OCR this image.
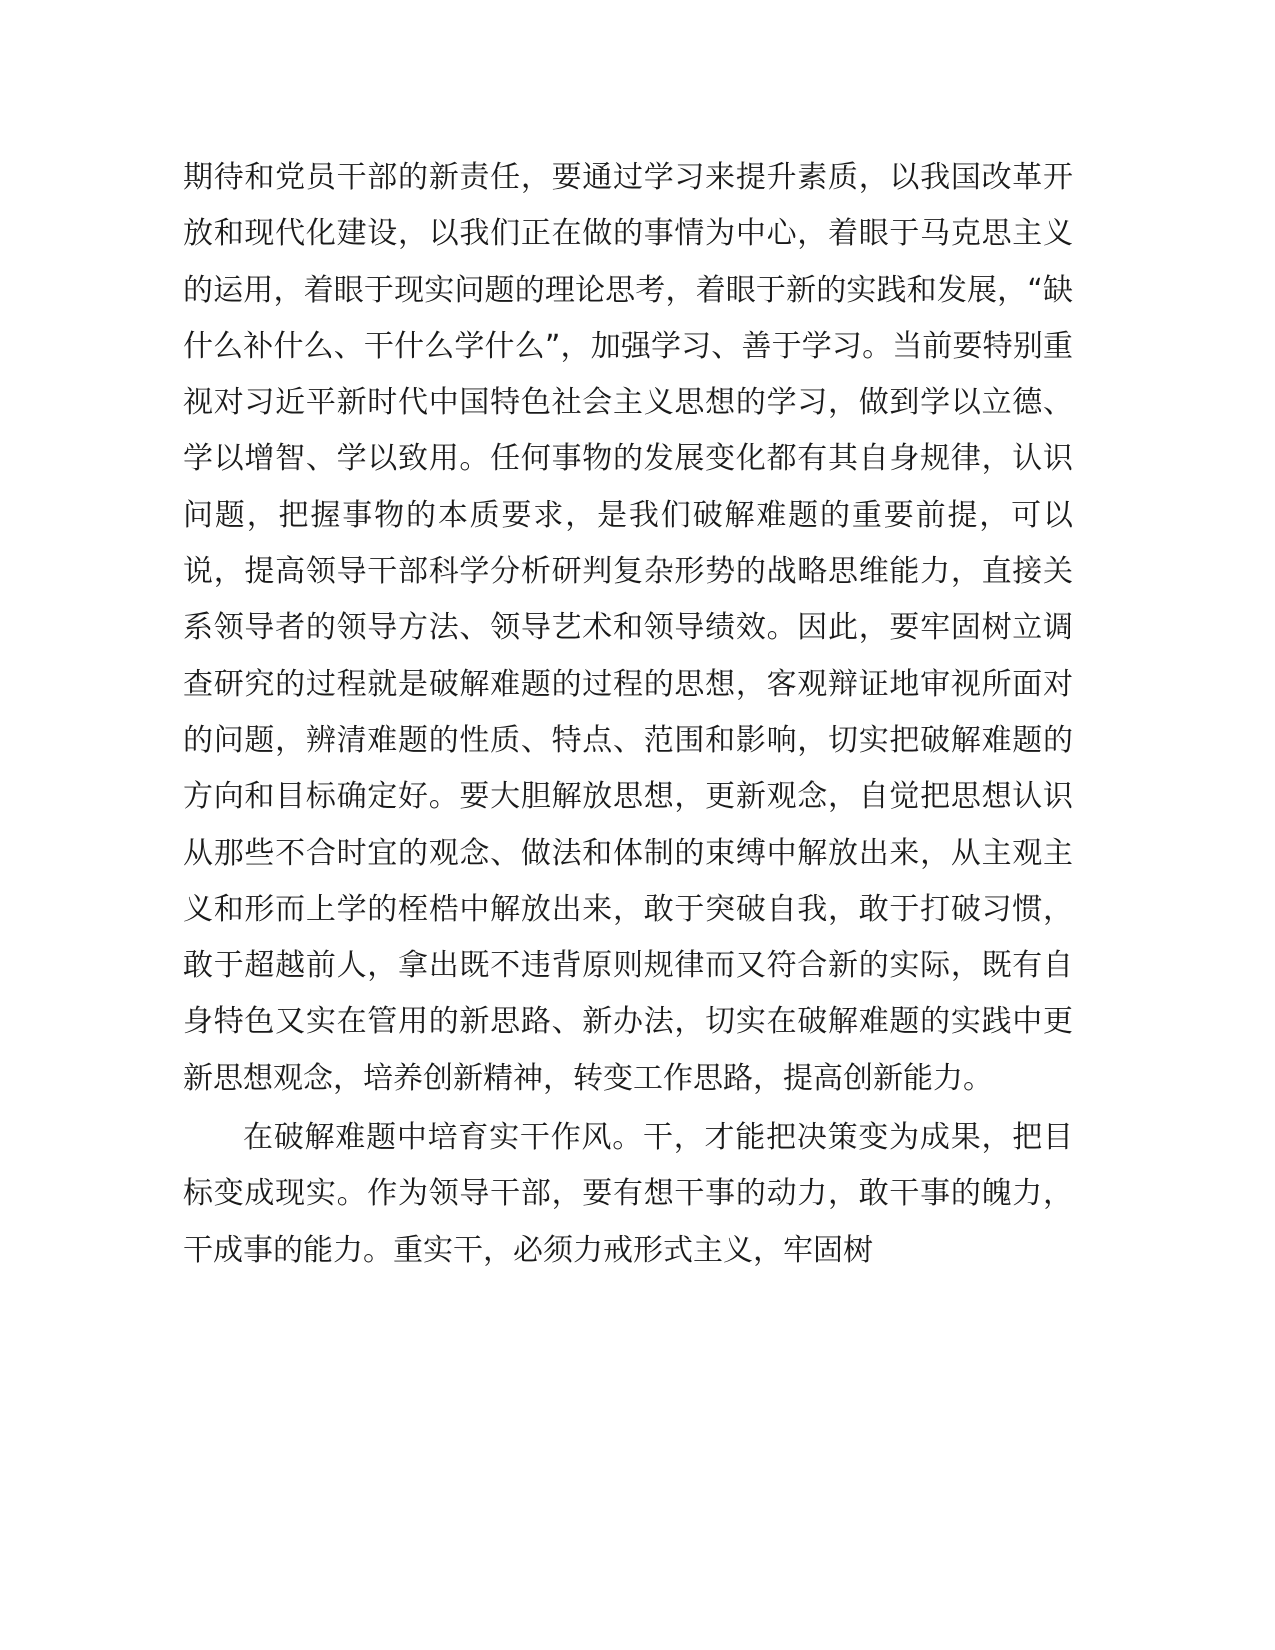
期待和党员干部的新责任，要通过学习来提升素质，以我国改革开放和现代化建设，以我们正在做的事情为中心，着眼于马克思主义的运用，着眼于现实问题的理论思考，着眼于新的实践和发展，“缺什么补什么、干什么学什么”，加强学习、善于学习。当前要特别重视对习近平新时代中国特色社会主义思想的学习，做到学以立德、学以增智、学以致用。任何事物的发展变化都有其自身规律，认识问题，把握事物的本质要求，是我们破解难题的重要前提，可以说，提高领导干部科学分析研判复杂形势的战略思维能力，直接关系领导者的领导方法、领导艺术和领导绩效。因此，要牢固树立调查研究的过程就是破解难题的过程的思想，客观辩证地审视所面对的问题，辨清难题的性质、特点、范围和影响，切实把破解难题的方向和目标确定好。要大胆解放思想，更新观念，自觉把思想认识从那些不合时宜的观念、做法和体制的束缚中解放出来，从主观主义和形而上学的桎梏中解放出来，敢于突破自我，敢于打破习惯，敢于超越前人，拿出既不违背原则规律而又符合新的实际，既有自身特色又实在管用的新思路、新办法，切实在破解难题的实践中更新思想观念，培养创新精神，转变工作思路，提高创新能力。

在破解难题中培育实干作风。干，才能把决策变为成果，把目标变成现实。作为领导干部，要有想干事的动力，敢干事的魄力，干成事的能力。重实干，必须力戒形式主义，牢固树
